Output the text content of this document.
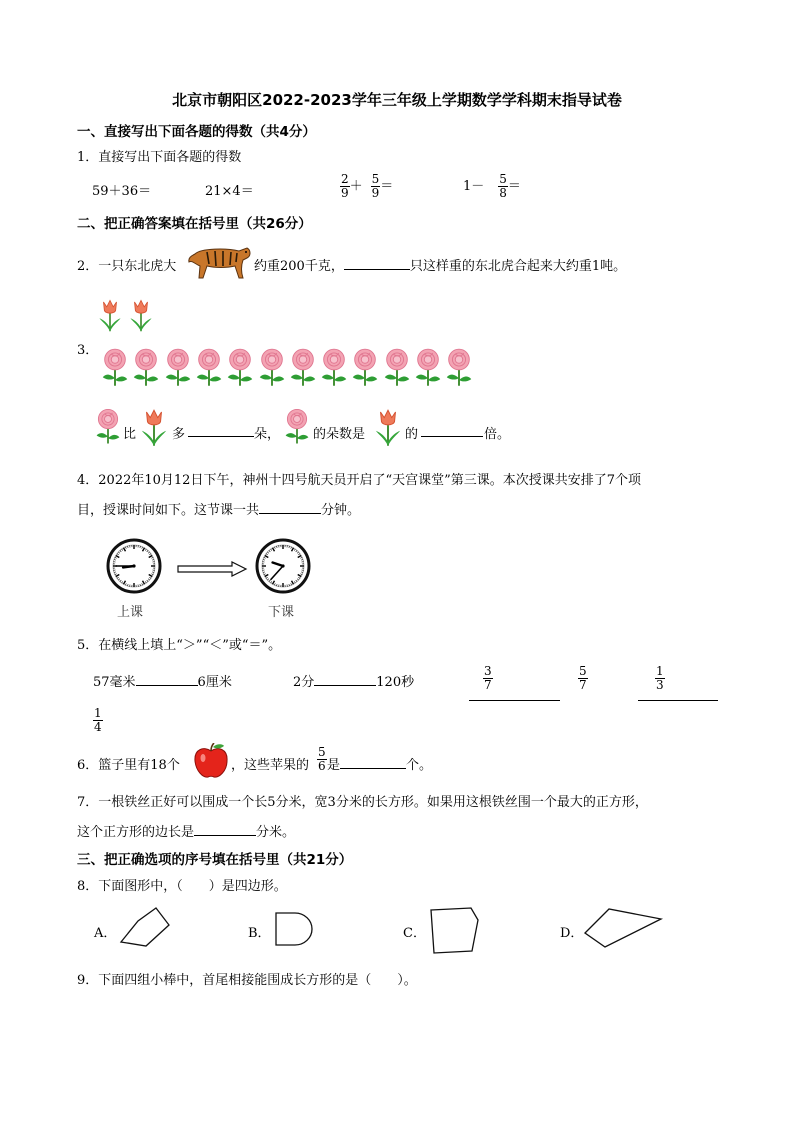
北京市朝阳区2022-2023学年三年级上学期数学学科期末指导试卷
一、直接写出下面各题的得数（共4分）
1．直接写出下面各题的得数
59＋36＝	21×4＝	$\frac{2}{9} + \frac{5}{9}$ ＝	$1- \frac{5}{8}$ ＝
二、把正确答案填在括号里（共26分）
2．一只东北虎大	约重200千克，	只这样重的东北虎合起来大约重1吨。
3．
比	多	朵，	的朵数是	的	倍。
4．2022年10月12日下午，神州十四号航天员开启了“天宫课堂”第三课。本次授课共安排了7个项
目，授课时间如下。这节课一共	分钟。
上课	下课
5．在横线上填上“＞”“＜”或“＝”。
57毫米	6厘米	2分	120秒	$\frac{3}{7}$	$\frac{5}{7}$	$\frac{1}{3}$
$\frac{1}{4}$
6．篮子里有18个	，这些苹果的 $\frac{5}{6}$ 是	个。
7．一根铁丝正好可以围成一个长5分米，宽3分米的长方形。如果用这根铁丝围一个最大的正方形，
这个正方形的边长是	分米。
三、把正确选项的序号填在括号里（共21分）
8．下面图形中，（　　）是四边形。
A．	B．	C．	D．
9．下面四组小棒中，首尾相接能围成长方形的是（　　）。
